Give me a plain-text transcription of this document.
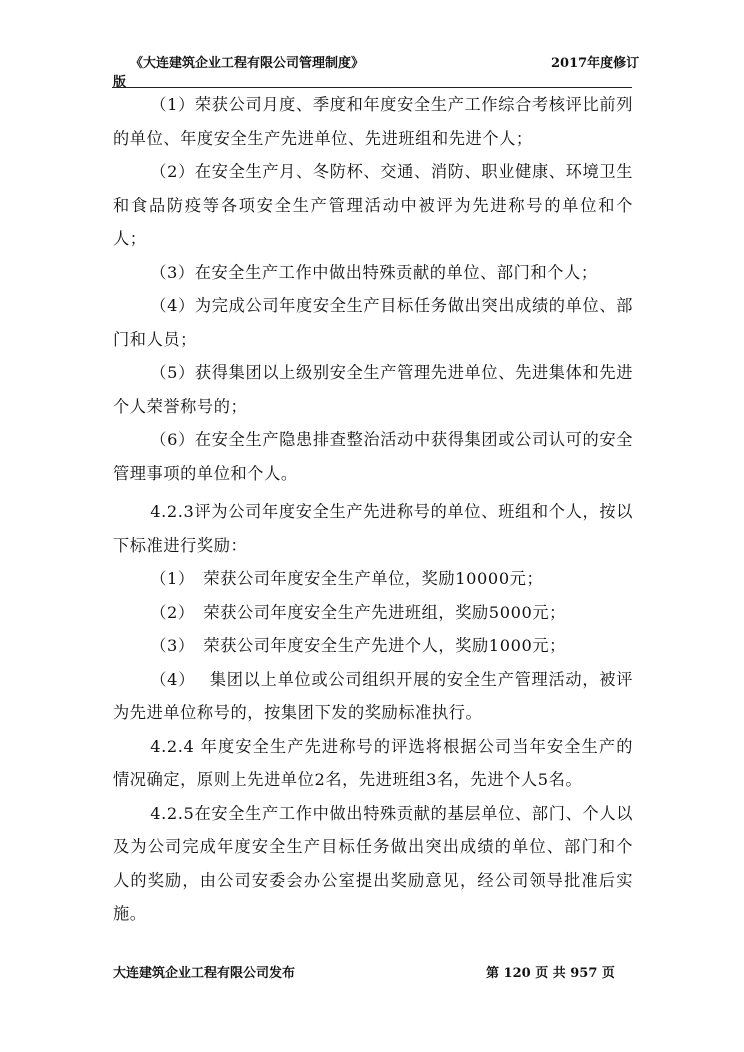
《大连建筑企业工程有限公司管理制度》	2017年度修订
版

（1）荣获公司月度、季度和年度安全生产工作综合考核评比前列的单位、年度安全生产先进单位、先进班组和先进个人；

（2）在安全生产月、冬防杯、交通、消防、职业健康、环境卫生和食品防疫等各项安全生产管理活动中被评为先进称号的单位和个人；

（3）在安全生产工作中做出特殊贡献的单位、部门和个人；

（4）为完成公司年度安全生产目标任务做出突出成绩的单位、部门和人员；

（5）获得集团以上级别安全生产管理先进单位、先进集体和先进个人荣誉称号的；

（6）在安全生产隐患排查整治活动中获得集团或公司认可的安全管理事项的单位和个人。

4.2.3评为公司年度安全生产先进称号的单位、班组和个人，按以下标准进行奖励：

（1）　荣获公司年度安全生产单位，奖励10000元；

（2）　荣获公司年度安全生产先进班组，奖励5000元；

（3）　荣获公司年度安全生产先进个人，奖励1000元；

（4）　 集团以上单位或公司组织开展的安全生产管理活动，被评为先进单位称号的，按集团下发的奖励标准执行。

4.2.4 年度安全生产先进称号的评选将根据公司当年安全生产的情况确定，原则上先进单位2名，先进班组3名，先进个人5名。

4.2.5在安全生产工作中做出特殊贡献的基层单位、部门、个人以及为公司完成年度安全生产目标任务做出突出成绩的单位、部门和个人的奖励，由公司安委会办公室提出奖励意见，经公司领导批准后实施。

大连建筑企业工程有限公司发布	第 120 页 共 957 页
